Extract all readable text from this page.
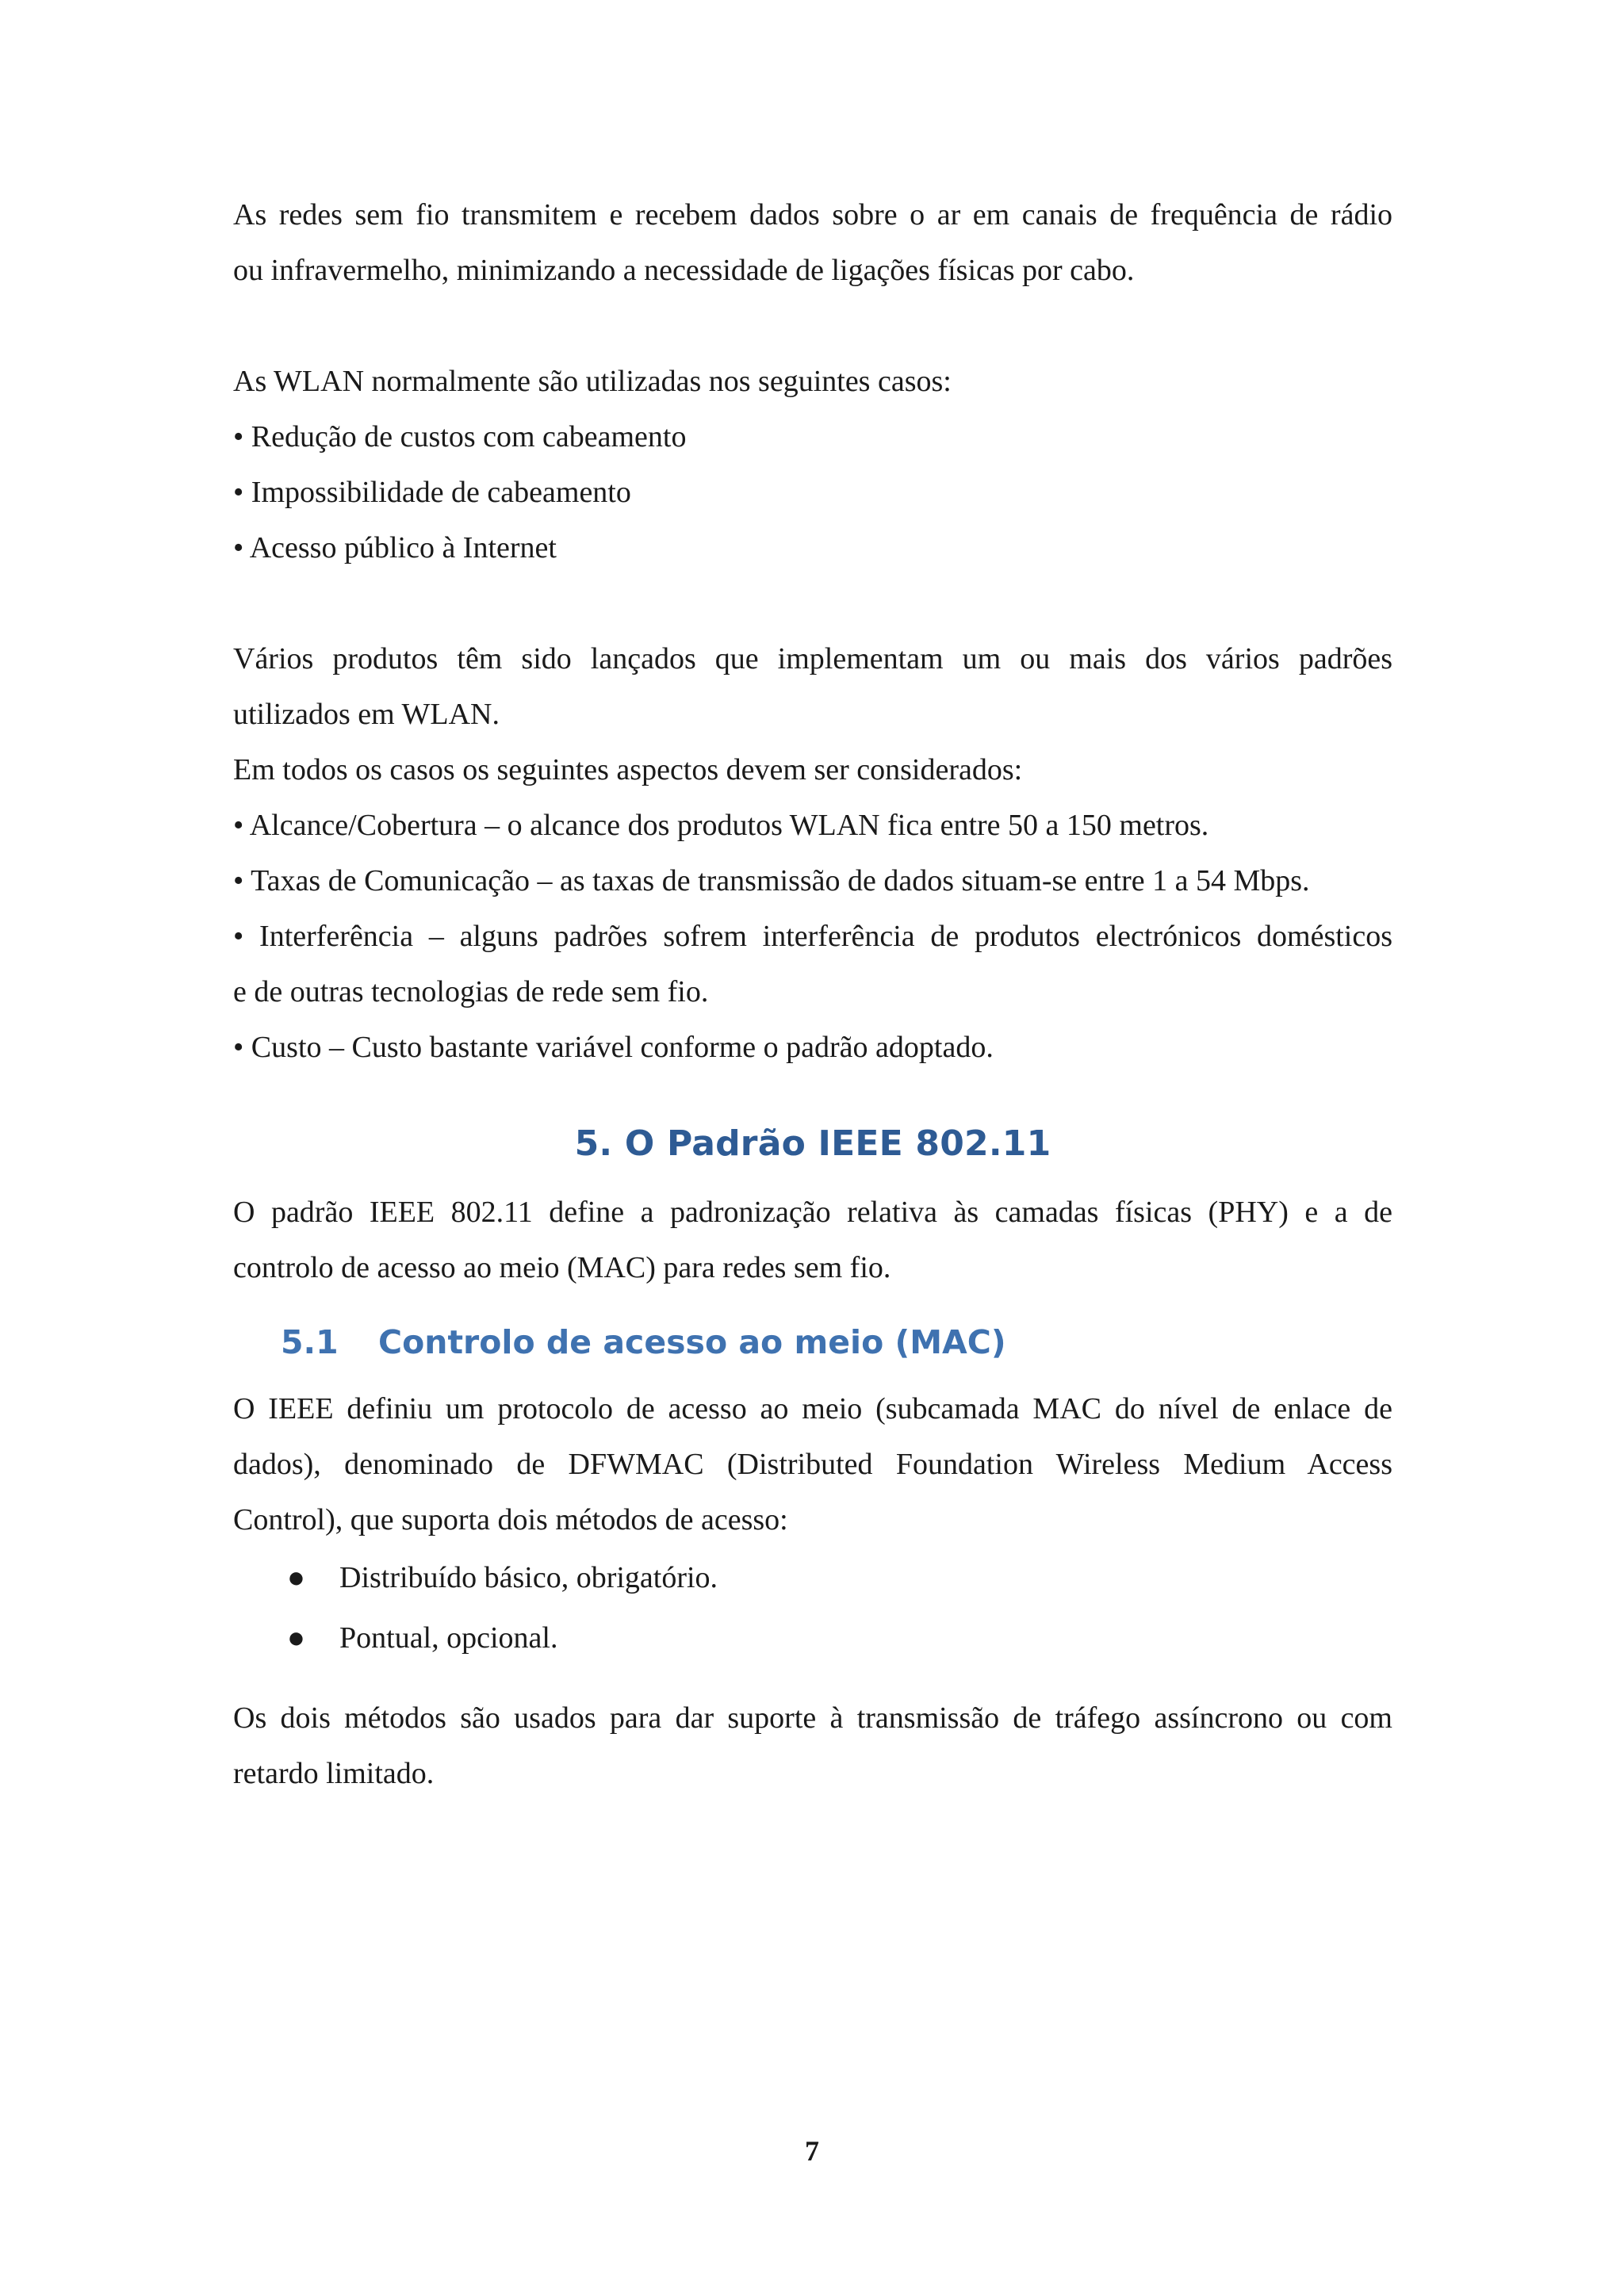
As redes sem fio transmitem e recebem dados sobre o ar em canais de frequência de rádio

ou infravermelho, minimizando a necessidade de ligações físicas por cabo.

As WLAN normalmente são utilizadas nos seguintes casos:

• Redução de custos com cabeamento

• Impossibilidade de cabeamento

• Acesso público à Internet

Vários produtos têm sido lançados que implementam um ou mais dos vários padrões

utilizados em WLAN.

Em todos os casos os seguintes aspectos devem ser considerados:

• Alcance/Cobertura – o alcance dos produtos WLAN fica entre 50 a 150 metros.

• Taxas de Comunicação – as taxas de transmissão de dados situam-se entre 1 a 54 Mbps.

• Interferência – alguns padrões sofrem interferência de produtos electrónicos domésticos

e de outras tecnologias de rede sem fio.

• Custo – Custo bastante variável conforme o padrão adoptado.

5. O Padrão IEEE 802.11
O padrão IEEE 802.11 define a padronização relativa às camadas físicas (PHY) e a de

controlo de acesso ao meio (MAC) para redes sem fio.

5.1 Controlo de acesso ao meio (MAC)
O IEEE definiu um protocolo de acesso ao meio (subcamada MAC do nível de enlace de
dados), denominado de DFWMAC (Distributed Foundation Wireless Medium Access

Control), que suporta dois métodos de acesso:

● Distribuído básico, obrigatório.
● Pontual, opcional.
Os dois métodos são usados para dar suporte à transmissão de tráfego assíncrono ou com

retardo limitado.

7
